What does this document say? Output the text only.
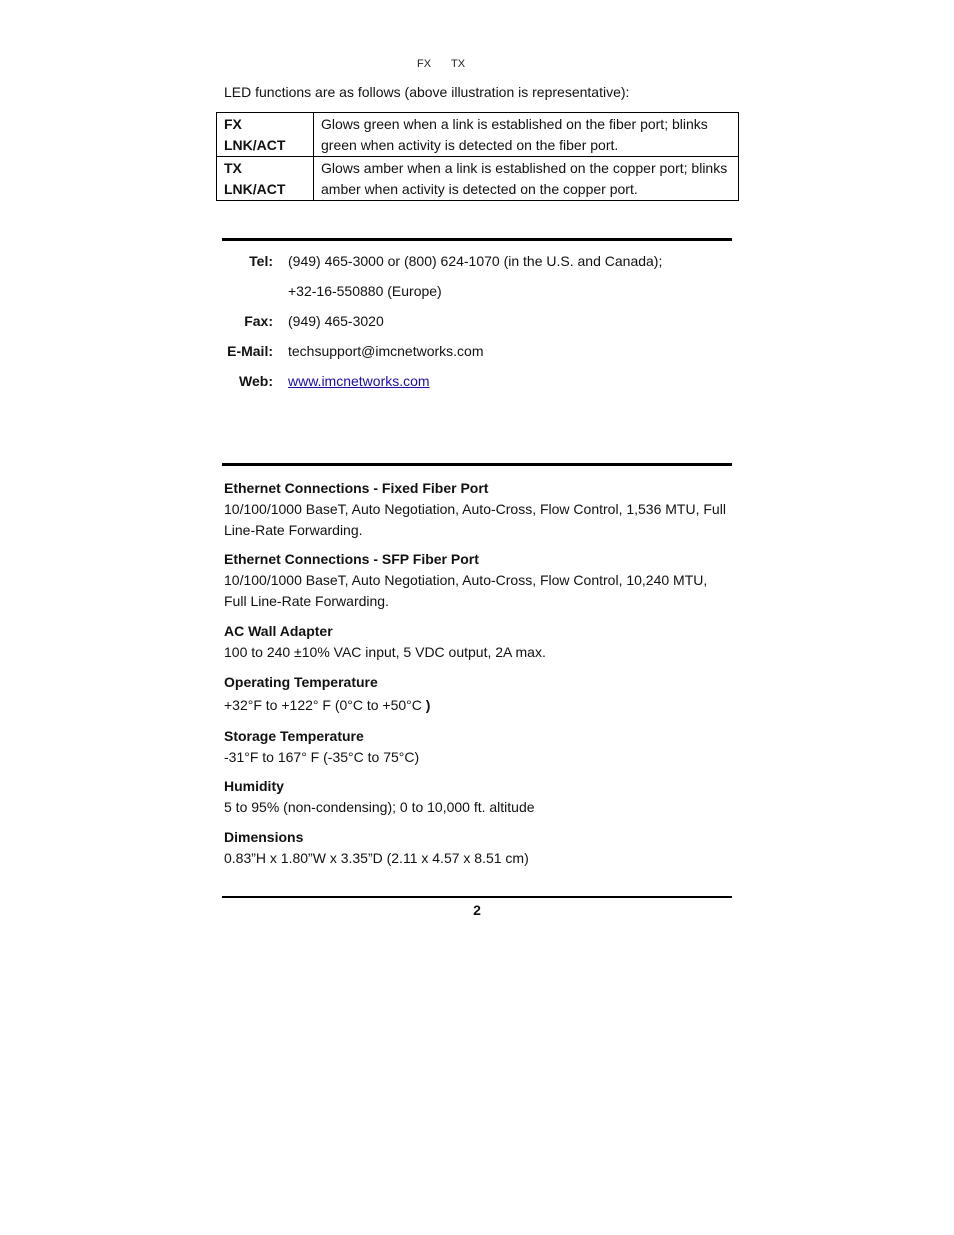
FX TX
LED functions are as follows (above illustration is representative):
FX
LNK/ACT	Glows green when a link is established on the fiber port; blinks green when activity is detected on the fiber port.

TX
LNK/ACT	Glows amber when a link is established on the copper port; blinks amber when activity is detected on the copper port.
Tel: (949) 465-3000 or (800) 624-1070 (in the U.S. and Canada);
+32-16-550880 (Europe)
Fax: (949) 465-3020
E-Mail: techsupport@imcnetworks.com
Web: www.imcnetworks.com
Ethernet Connections - Fixed Fiber Port
10/100/1000 BaseT, Auto Negotiation, Auto-Cross, Flow Control, 1,536 MTU, Full Line-Rate Forwarding.
Ethernet Connections - SFP Fiber Port
10/100/1000 BaseT, Auto Negotiation, Auto-Cross, Flow Control, 10,240 MTU, Full Line-Rate Forwarding.
AC Wall Adapter
100 to 240 ±10% VAC input, 5 VDC output, 2A max.
Operating Temperature
+32°F to +122° F (0°C to +50°C )
Storage Temperature
-31°F to 167° F (-35°C to 75°C)
Humidity
5 to 95% (non-condensing); 0 to 10,000 ft. altitude
Dimensions
0.83”H x 1.80”W x 3.35”D (2.11 x 4.57 x 8.51 cm)
2
